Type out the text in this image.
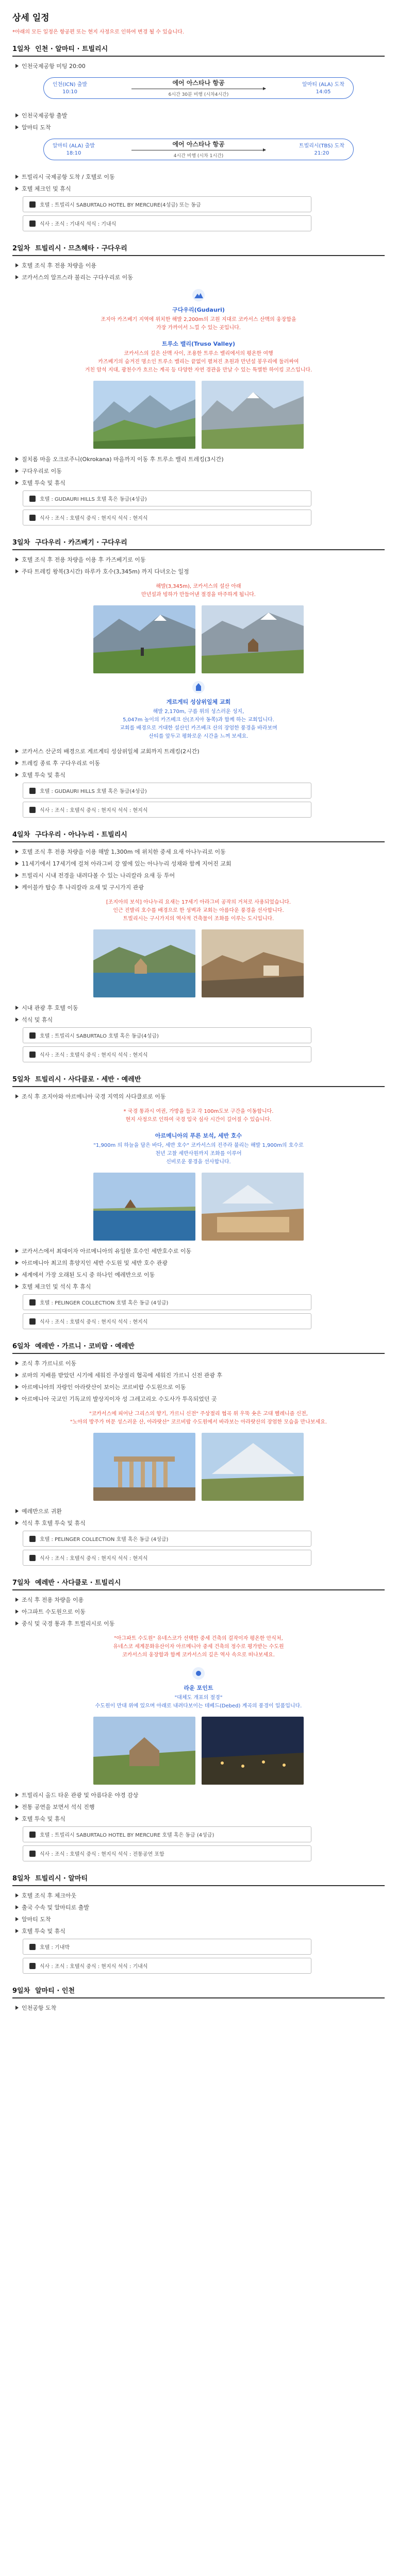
상세 일정
*아래의 모든 일정은 항공편 또는 현지 사정으로 인하여 변경 될 수 있습니다.
1일차 인천 · 알마티 · 트빌리시
인천국제공항 미팅 20:00
인천(ICN) 출발
10:10
에어 아스타나 항공
6시간 30분 비행 (시차4시간)
알마티 (ALA) 도착
14:05
인천국제공항 출발
알마티 도착
알마티 (ALA) 출발
18:10
에어 아스타나 항공
4시간 비행 (시차 1시간)
트빌리시(TBS) 도착
21:20
트빌리시 국제공항 도착 / 호텔로 이동
호텔 체크인 및 휴식
호텔 : 트빌리시 SABURTALO HOTEL BY MERCURE(4성급) 또는 동급
식사 : 조식 : 기내식 석식 : 기내식
2일차 트빌리시 · 므츠헤타 · 구다우리
호텔 조식 후 전용 차량을 이용
코카서스의 알프스라 불리는 구다우리로 이동
구다우리(Gudauri)
조지아 카즈베기 지역에 위치한 해발 2,200m의 고원 지대로 코카서스 산맥의 웅장함을
가장 가까이서 느낄 수 있는 곳입니다.
트루소 밸리(Truso Valley)
코카서스의 깊은 산맥 사이, 조용한 트루소 밸리에서의 평온한 여행
카즈베기의 숨겨진 명소인 트루소 밸리는 끝없이 펼쳐진 초원과 만년설 봉우리에 둘러싸여
거친 암석 지대, 광천수가 흐르는 계곡 등 다양한 자연 경관을 만날 수 있는 특별한 하이킹 코스입니다.
질치롭 마을 오크로주니(Okrokana) 마을까지 이동 후 트루소 밸리 트레킹(3시간)
구다우리로 이동
호텔 투숙 및 휴식
호텔 : GUDAURI HILLS 호텔 혹은 동급(4성급)
식사 : 조식 : 호텔식 중식 : 현지식 석식 : 현지식
3일차 구다우리 · 카즈베기 · 구다우리
호텔 조식 후 전용 차량을 이용 후 카즈베기로 이동
주타 트레킹 왕복(3시간) 하루카 호수(3,345m) 까지 다녀오는 일정
해발(3,345m), 코카서스의 설산 아래
만년설과 빙하가 만들어낸 절경을 마주하게 됩니다.
게르게티 성삼위일체 교회
해발 2,170m, 구름 위의 성스러운 성지,
5,047m 높이의 카즈베크 산(조지아 동쪽)과 함께 하는 교회입니다.
교회를 배경으로 거대한 설산인 카즈베크 산의 장엄한 풍경을 바라보며
산티를 앞두고 평화로운 시간을 느껴 보세요.
코카서스 산군의 배경으로 게르게티 성삼위일체 교회까지 트레킹(2시간)
트레킹 종료 후 구다우리로 이동
호텔 투숙 및 휴식
호텔 : GUDAURI HILLS 호텔 혹은 동급(4성급)
식사 : 조식 : 호텔식 중식 : 현지식 석식 : 현지식
4일차 구다우리 · 아나누리 · 트빌리시
호텔 조식 후 전용 차량을 이용 해발 1,300m 에 위치한 중세 요새 아나누리로 이동
11세기에서 17세기에 걸쳐 아라그비 강 옆에 있는 아나누리 성채와 함께 지어진 교회
트빌리시 시내 전경을 내려다볼 수 있는 나리칼라 요새 등 투어
케이블카 탑승 후 나리칼라 요새 및 구시가지 관광
[조지아의 보석] 아나누리 요새는 17세기 아라그비 공작의 거처로 사용되었습니다.
인근 진발리 호수를 배경으로 한 성벽과 교회는 아름다운 풍경을 선사합니다.
트빌리시는 구시가지의 역사적 건축물이 조화를 이루는 도시입니다.
시내 관광 후 호텔 이동
석식 및 휴식
호텔 : 트빌리시 SABURTALO 호텔 혹은 동급(4성급)
식사 : 조식 : 호텔식 중식 : 현지식 석식 : 현지식
5일차 트빌리시 · 사다클로 · 세반 · 예레반
조식 후 조지아와 아르메니아 국경 지역의 사다클로로 이동
* 국경 통과시 여권, 가방을 들고 각 100m도보 구간을 이동합니다.
현지 사정으로 인하여 국경 입국 심사 시간이 길어질 수 있습니다.
아르메니아의 푸른 보석, 세반 호수
"1,900m 의 하늘을 담은 바다, 세반 호수" 코카서스의 진주라 불리는 해발 1,900m의 호수로
천년 고찰 세반사원까지 조화를 이루어
신비로운 풍경을 선사합니다.
코카서스에서 최대이자 아르메니아의 유일한 호수인 세반호수로 이동
아르메니아 최고의 휴양지인 세반 수도원 및 세반 호수 관광
세계에서 가장 오래된 도시 중 하나인 예레반으로 이동
호텔 체크인 및 석식 후 휴식
호텔 : PELINGER COLLECTION 호텔 혹은 동급 (4성급)
식사 : 조식 : 호텔식 중식 : 현지식 석식 : 현지식
6일차 예레반 · 가르니 · 코비랍 · 예레반
조식 후 가르니로 이동
로마의 지배를 받았던 시기에 세워진 주상절리 협곡에 세워진 가르니 신전 관광 후
아르메니아의 자랑인 아라랏산이 보이는 코르비랍 수도원으로 이동
아르메니아 국교인 기독교의 발상지이자 성 그레고리오 수도사가 투옥되었던 곳
"코카서스에 피어난 그리스의 향기, 가르니 신전" 주상절리 협곡 위 우뚝 솟은 고대 헬레니즘 신전,
"노아의 방주가 머문 성스러운 산, 아라랏산" 코르비랍 수도원에서 바라보는 아라랏산의 장엄한 모습을 만나보세요.
예레반으로 귀환
석식 후 호텔 투숙 및 휴식
호텔 : PELINGER COLLECTION 호텔 혹은 동급 (4성급)
식사 : 조식 : 호텔식 중식 : 현지식 석식 : 현지식
7일차 예레반 · 사다클로 · 트빌리시
조식 후 전용 차량을 이용
아그파트 수도원으로 이동
중식 및 국경 통과 후 트빌리시로 이동
"아그파트 수도원" 유네스코가 선택한 중세 건축의 걸작이자 평온한 안식처,
유네스코 세계문화유산이자 아르메니아 중세 건축의 정수로 평가받는 수도원
코카서스의 웅장함과 함께 코카서스의 깊은 역사 속으로 떠나보세요.
라운 포인트
"대체도 개표의 절경"
수도원이 만대 위에 있으며 아래로 내려다보이는 데베드(Debed) 계곡의 풍경이 일품입니다.
트빌리시 올드 타운 관광 및 아름다운 야경 감상
전통 공연을 보면서 석식 진행
호텔 투숙 및 휴식
호텔 : 트빌리시 SABURTALO HOTEL BY MERCURE 호텔 혹은 동급 (4성급)
식사 : 조식 : 호텔식 중식 : 현지식 석식 : 전통공연 포함
8일차 트빌리시 · 알마티
호텔 조식 후 체크아웃
출국 수속 및 알마티로 출발
알마티 도착
호텔 투숙 및 휴식
호텔 : 기내박
식사 : 조식 : 호텔식 중식 : 현지식 석식 : 기내식
9일차 알마티 · 인천
인천공항 도착
